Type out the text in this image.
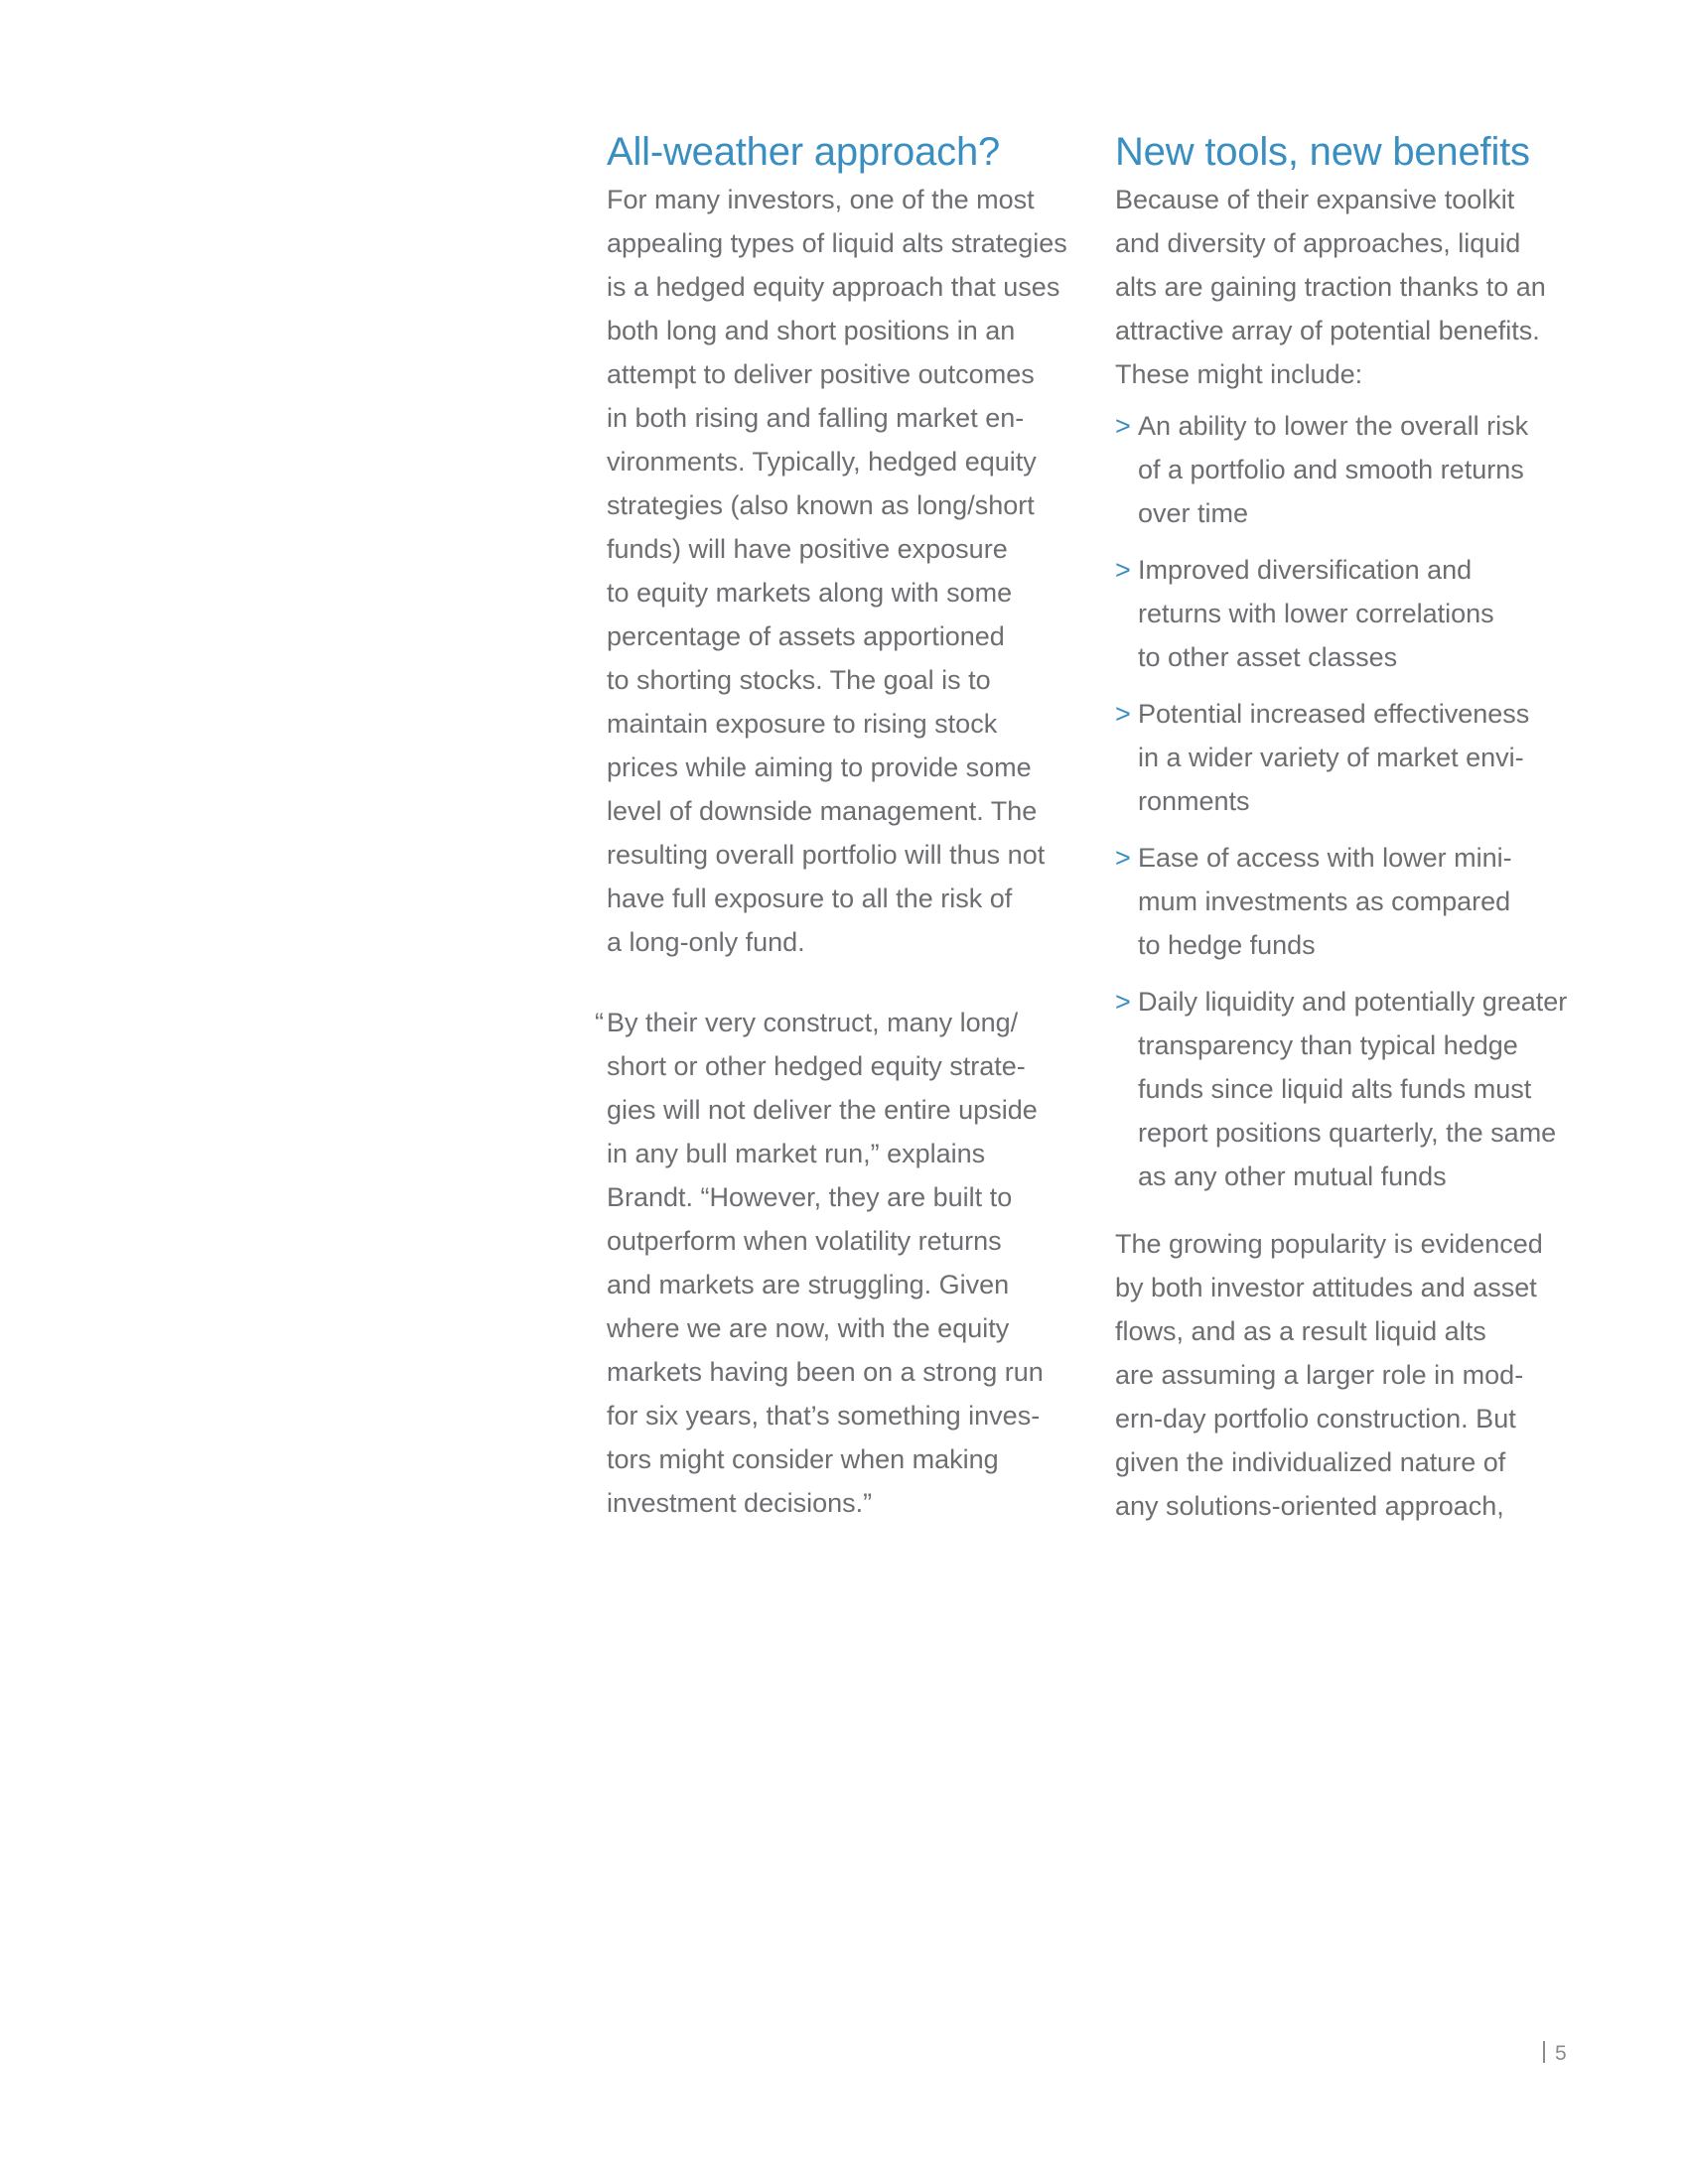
All-weather approach?

For many investors, one of the most
appealing types of liquid alts strategies
is a hedged equity approach that uses
both long and short positions in an
attempt to deliver positive outcomes
in both rising and falling market en-
vironments. Typically, hedged equity
strategies (also known as long/short
funds) will have positive exposure
to equity markets along with some
percentage of assets apportioned
to shorting stocks. The goal is to
maintain exposure to rising stock
prices while aiming to provide some
level of downside management. The
resulting overall portfolio will thus not
have full exposure to all the risk of
a long-only fund.

“ By their very construct, many long/
short or other hedged equity strate-
gies will not deliver the entire upside
in any bull market run,” explains
Brandt. “However, they are built to
outperform when volatility returns
and markets are struggling. Given
where we are now, with the equity
markets having been on a strong run
for six years, that’s something inves-
tors might consider when making
investment decisions.”

New tools, new benefits

Because of their expansive toolkit
and diversity of approaches, liquid
alts are gaining traction thanks to an
attractive array of potential benefits.
These might include:

> An ability to lower the overall risk
of a portfolio and smooth returns
over time
> Improved diversification and
returns with lower correlations
to other asset classes
> Potential increased effectiveness
in a wider variety of market envi-
ronments
> Ease of access with lower mini-
mum investments as compared
to hedge funds
> Daily liquidity and potentially greater
transparency than typical hedge
funds since liquid alts funds must
report positions quarterly, the same
as any other mutual funds

The growing popularity is evidenced
by both investor attitudes and asset
flows, and as a result liquid alts
are assuming a larger role in mod-
ern-day portfolio construction. But
given the individualized nature of
any solutions-oriented approach,

5
